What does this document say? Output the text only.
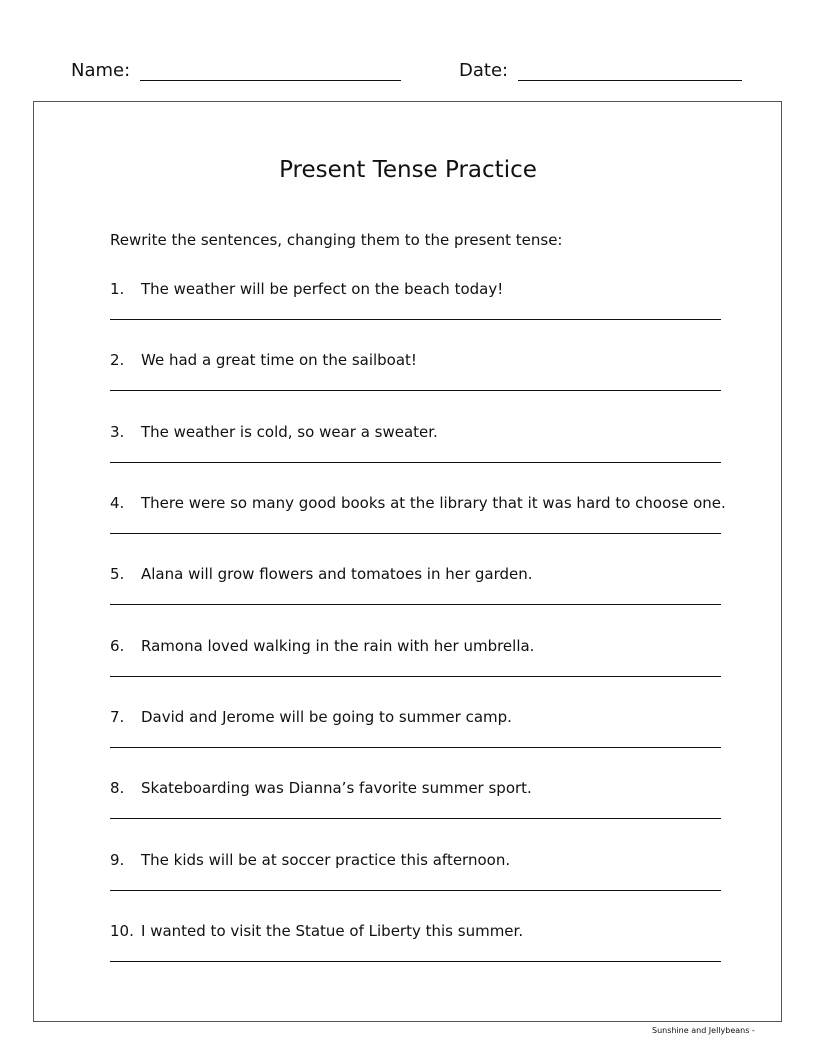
Name:	Date:
Present Tense Practice
Rewrite the sentences, changing them to the present tense:
1.	The weather will be perfect on the beach today!
2.	We had a great time on the sailboat!
3.	The weather is cold, so wear a sweater.
4.	There were so many good books at the library that it was hard to choose one.
5.	Alana will grow flowers and tomatoes in her garden.
6.	Ramona loved walking in the rain with her umbrella.
7.	David and Jerome will be going to summer camp.
8.	Skateboarding was Dianna’s favorite summer sport.
9.	The kids will be at soccer practice this afternoon.
10. I wanted to visit the Statue of Liberty this summer.
Sunshine and Jellybeans -
